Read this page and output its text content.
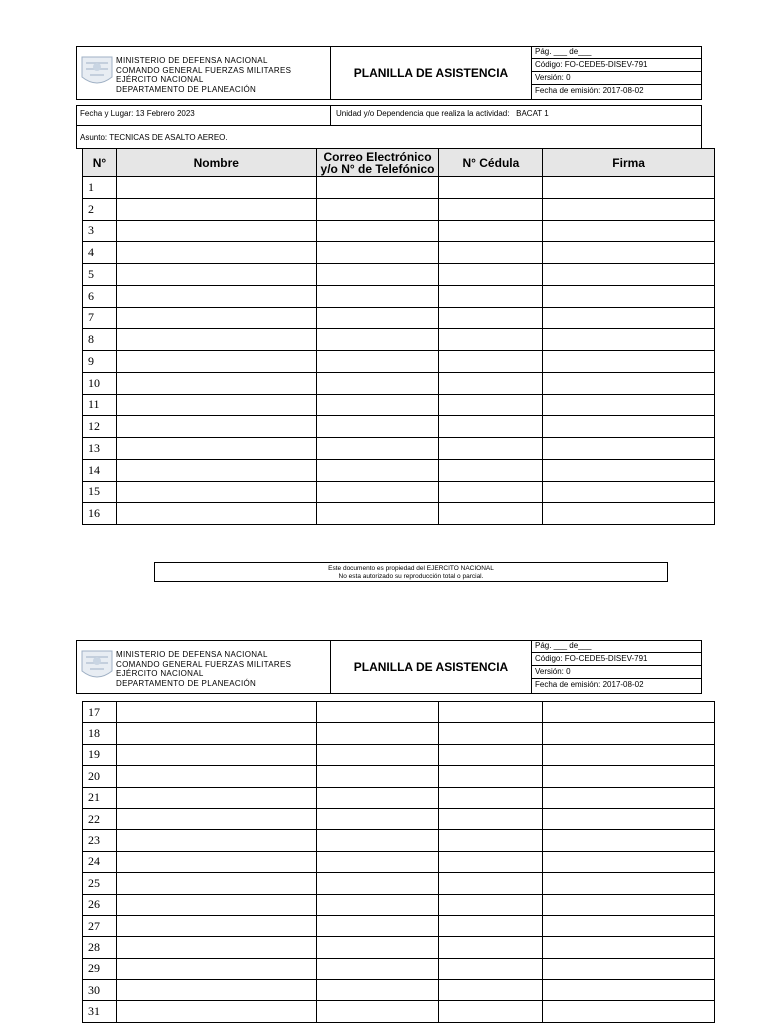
MINISTERIO DE DEFENSA NACIONAL
COMANDO GENERAL FUERZAS MILITARES
EJÉRCITO NACIONAL
DEPARTAMENTO DE PLANEACIÓN
PLANILLA DE ASISTENCIA
Pág. ___ de___
Código: FO-CEDE5-DISEV-791
Versión: 0
Fecha de emisión: 2017-08-02
Fecha y Lugar: 13 Febrero 2023	Unidad y/o Dependencia que realiza la actividad:   BACAT 1
Asunto: TECNICAS DE ASALTO AEREO.
N°	Nombre	Correo Electrónico
y/o N° de Telefónico	N° Cédula	Firma
1				
2				
3				
4				
5				
6				
7				
8				
9				
10				
11				
12				
13				
14				
15				
16				
Este documento es propiedad del EJERCITO NACIONAL
No esta autorizado su reproducción total o parcial.
MINISTERIO DE DEFENSA NACIONAL
COMANDO GENERAL FUERZAS MILITARES
EJÉRCITO NACIONAL
DEPARTAMENTO DE PLANEACIÓN
PLANILLA DE ASISTENCIA
Pág. ___ de___
Código: FO-CEDE5-DISEV-791
Versión: 0
Fecha de emisión: 2017-08-02
17				
18				
19				
20				
21				
22				
23				
24				
25				
26				
27				
28				
29				
30				
31				
